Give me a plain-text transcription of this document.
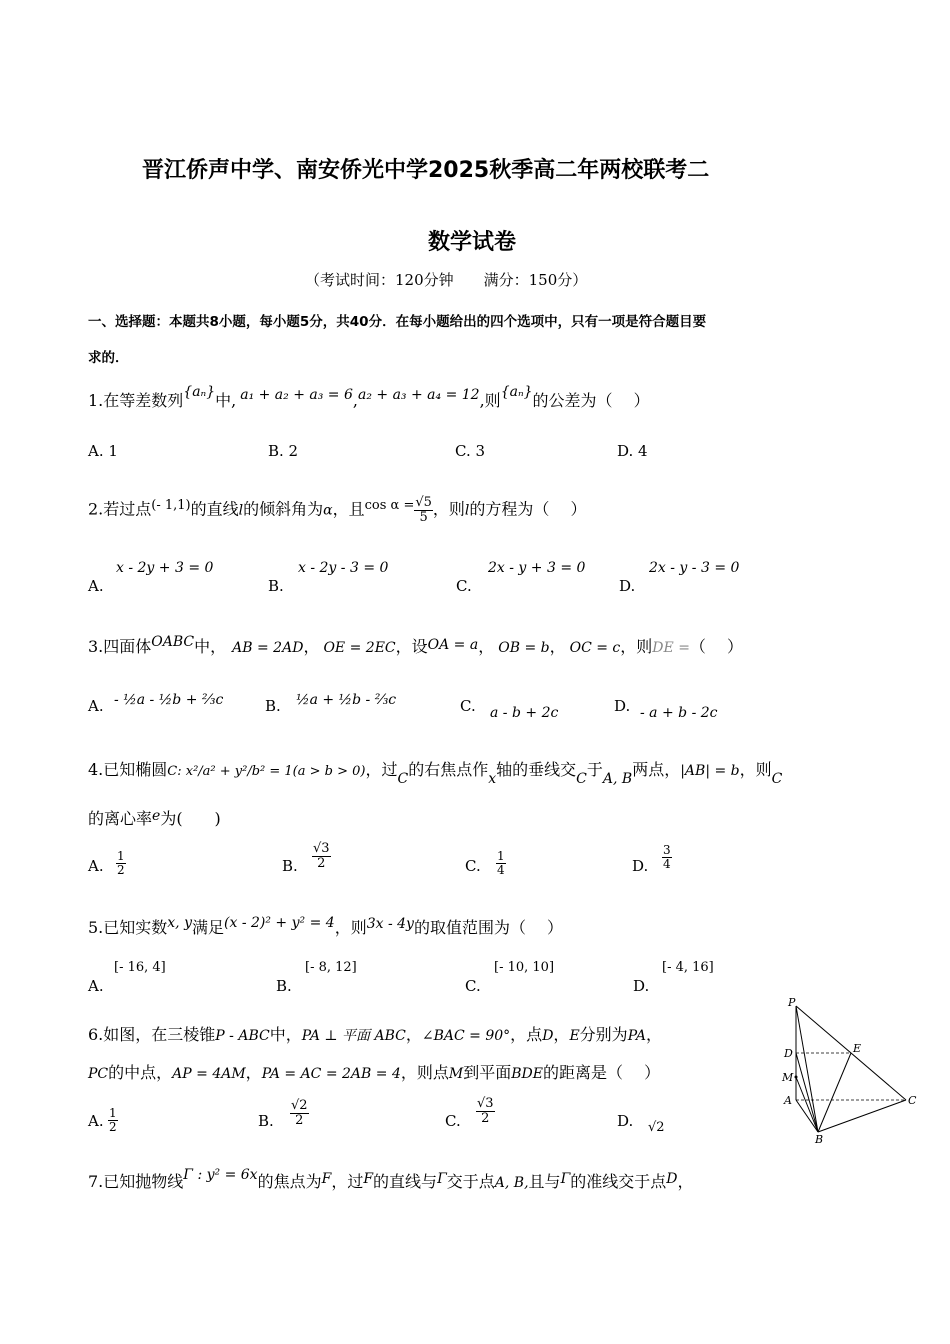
晋江侨声中学、南安侨光中学2025秋季高二年两校联考二
数学试卷
（考试时间：120分钟　　满分：150分）
一、选择题：本题共8小题，每小题5分，共40分．在每小题给出的四个选项中，只有一项是符合题目要
求的．
1.在等差数列{aₙ}中, a₁ + a₂ + a₃ = 6,a₂ + a₃ + a₄ = 12,则{aₙ}的公差为（　 ）
A. 1	B. 2	C. 3	D. 4
2.若过点$^{(- 1,1)}$的直线l的倾斜角为α，且$^{cos \alpha =} \frac{√5}{5}$ ，则l的方程为（　 ）
A.
x - 2y + 3 = 0
B.
x - 2y - 3 = 0
C.
2x - y + 3 = 0
D.
2x - y - 3 = 0
3.四面体OABC中， AB = 2AD， OE = 2EC，设OA = a， OB = b， OC = c，则DE =（　 ）
A. - ½a - ½b + ⅔c	B. ½a + ½b - ⅔c	C. a - b + 2c	D. - a + b - 2c
4.已知椭圆C: x²/a² + y²/b² = 1(a > b > 0)，过C的右焦点作x轴的垂线交C于A, B两点，|AB| = b，则C
的离心率e为(　　)
A. $\frac{1}{2}$	B. $\frac{√3}{2}$	C. $\frac{1}{4}$	D. $\frac{3}{4}$
5.已知实数x, y满足(x - 2)² + y² = 4，则3x - 4y的取值范围为（　 ）
A.
[- 16, 4]
B.
[- 8, 12]
C.
[- 10, 10]
D.
[- 4, 16]
6.如图，在三棱锥P - ABC中，PA ⊥ 平面 ABC，∠BAC = 90°，点D，E分别为PA，
PC的中点，AP = 4AM，PA = AC = 2AB = 4，则点M到平面BDE的距离是（　 ）
A. $\frac{1}{2}$	B. $\frac{√2}{2}$	C. $\frac{√3}{2}$	D. √2
P
D	E
M
A	C
B
7.已知抛物线Γ : y² = 6x的焦点为F，过F的直线与Γ交于点A, B,且与Γ的准线交于点D，
